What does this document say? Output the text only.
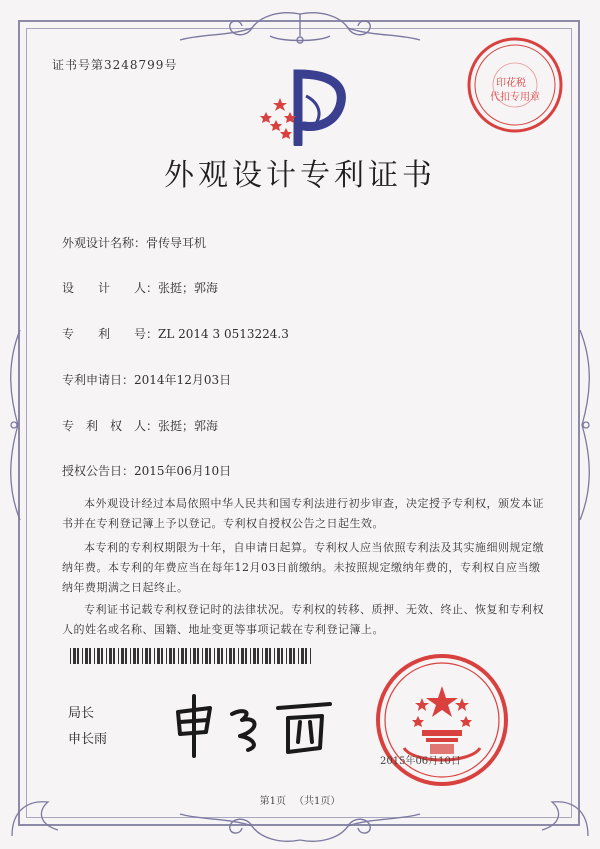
证书号第3248799号
印花税
代扣专用章
外观设计专利证书
外观设计名称：骨传导耳机
设　　计　　人：张挺；郭海
专　　利　　号：ZL 2014 3 0513224.3
专利申请日：2014年12月03日
专　利　权　人：张挺；郭海
授权公告日：2015年06月10日

本外观设计经过本局依照中华人民共和国专利法进行初步审查，决定授予专利权，颁发本证书并在专利登记簿上予以登记。专利权自授权公告之日起生效。

本专利的专利权期限为十年，自申请日起算。专利权人应当依照专利法及其实施细则规定缴纳年费。本专利的年费应当在每年12月03日前缴纳。未按照规定缴纳年费的，专利权自应当缴纳年费期满之日起终止。

专利证书记载专利权登记时的法律状况。专利权的转移、质押、无效、终止、恢复和专利权人的姓名或名称、国籍、地址变更等事项记载在专利登记簿上。

局长
申长雨
2015年06月10日
第1页 （共1页）
